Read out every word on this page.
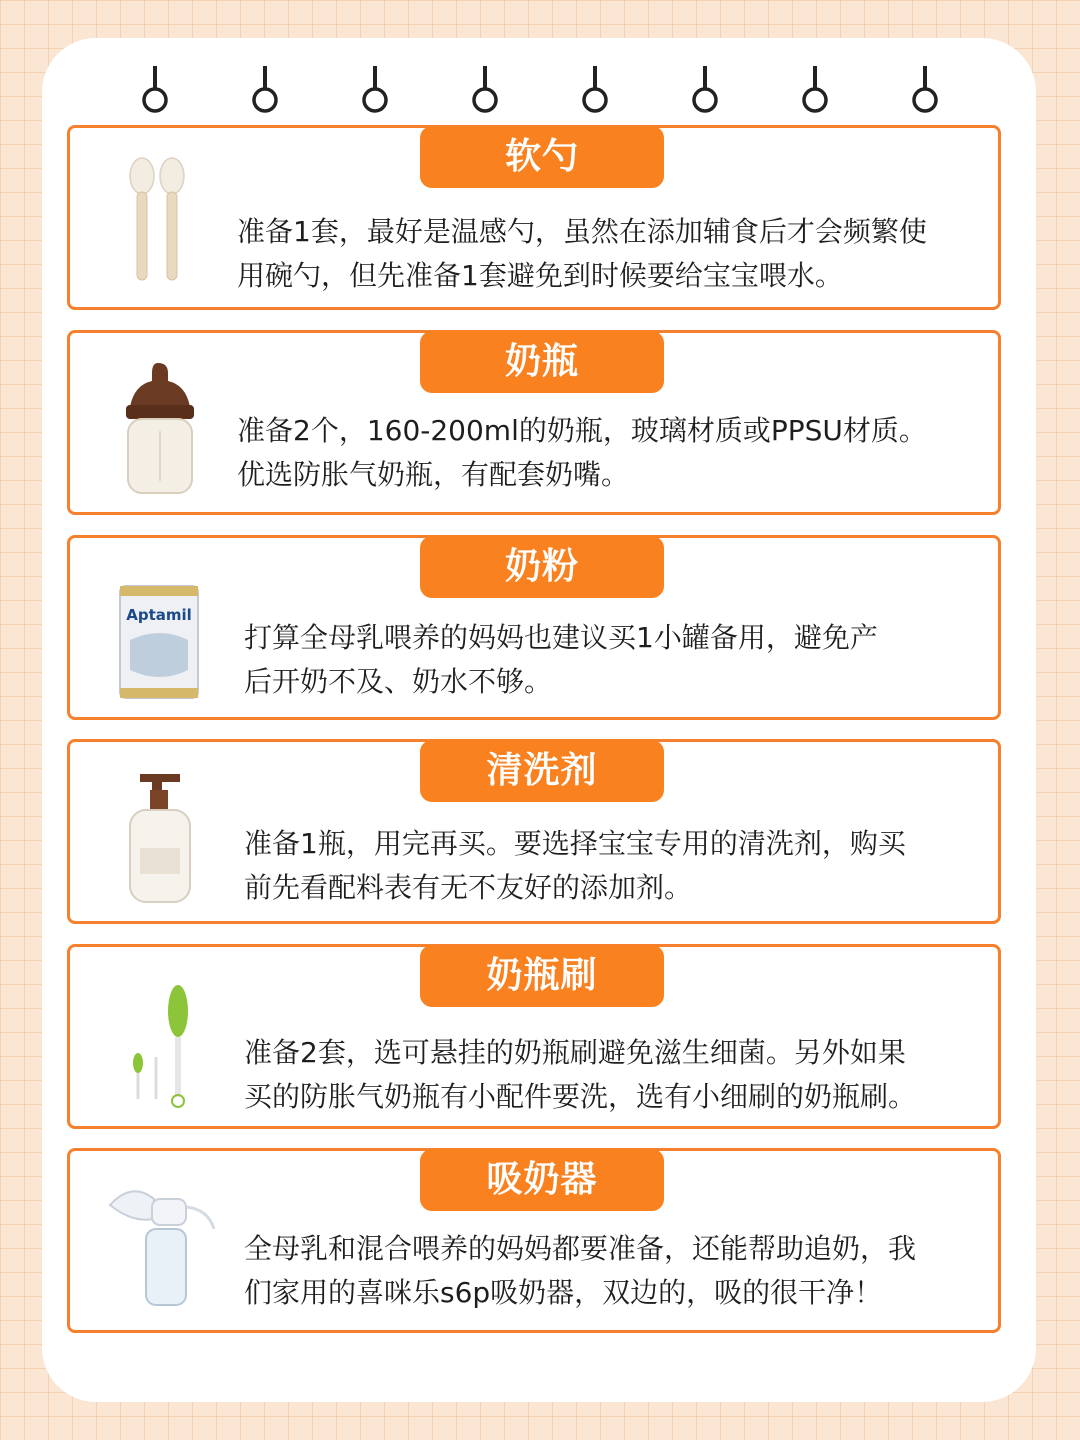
软勺
准备1套，最好是温感勺，虽然在添加辅食后才会频繁使
用碗勺，但先准备1套避免到时候要给宝宝喂水。
奶瓶
准备2个，160-200ml的奶瓶，玻璃材质或PPSU材质。
优选防胀气奶瓶，有配套奶嘴。
Aptamil
奶粉
打算全母乳喂养的妈妈也建议买1小罐备用，避免产
后开奶不及、奶水不够。
清洗剂
准备1瓶，用完再买。要选择宝宝专用的清洗剂，购买
前先看配料表有无不友好的添加剂。
奶瓶刷
准备2套，选可悬挂的奶瓶刷避免滋生细菌。另外如果
买的防胀气奶瓶有小配件要洗，选有小细刷的奶瓶刷。
吸奶器
全母乳和混合喂养的妈妈都要准备，还能帮助追奶，我
们家用的喜咪乐s6p吸奶器，双边的，吸的很干净！
